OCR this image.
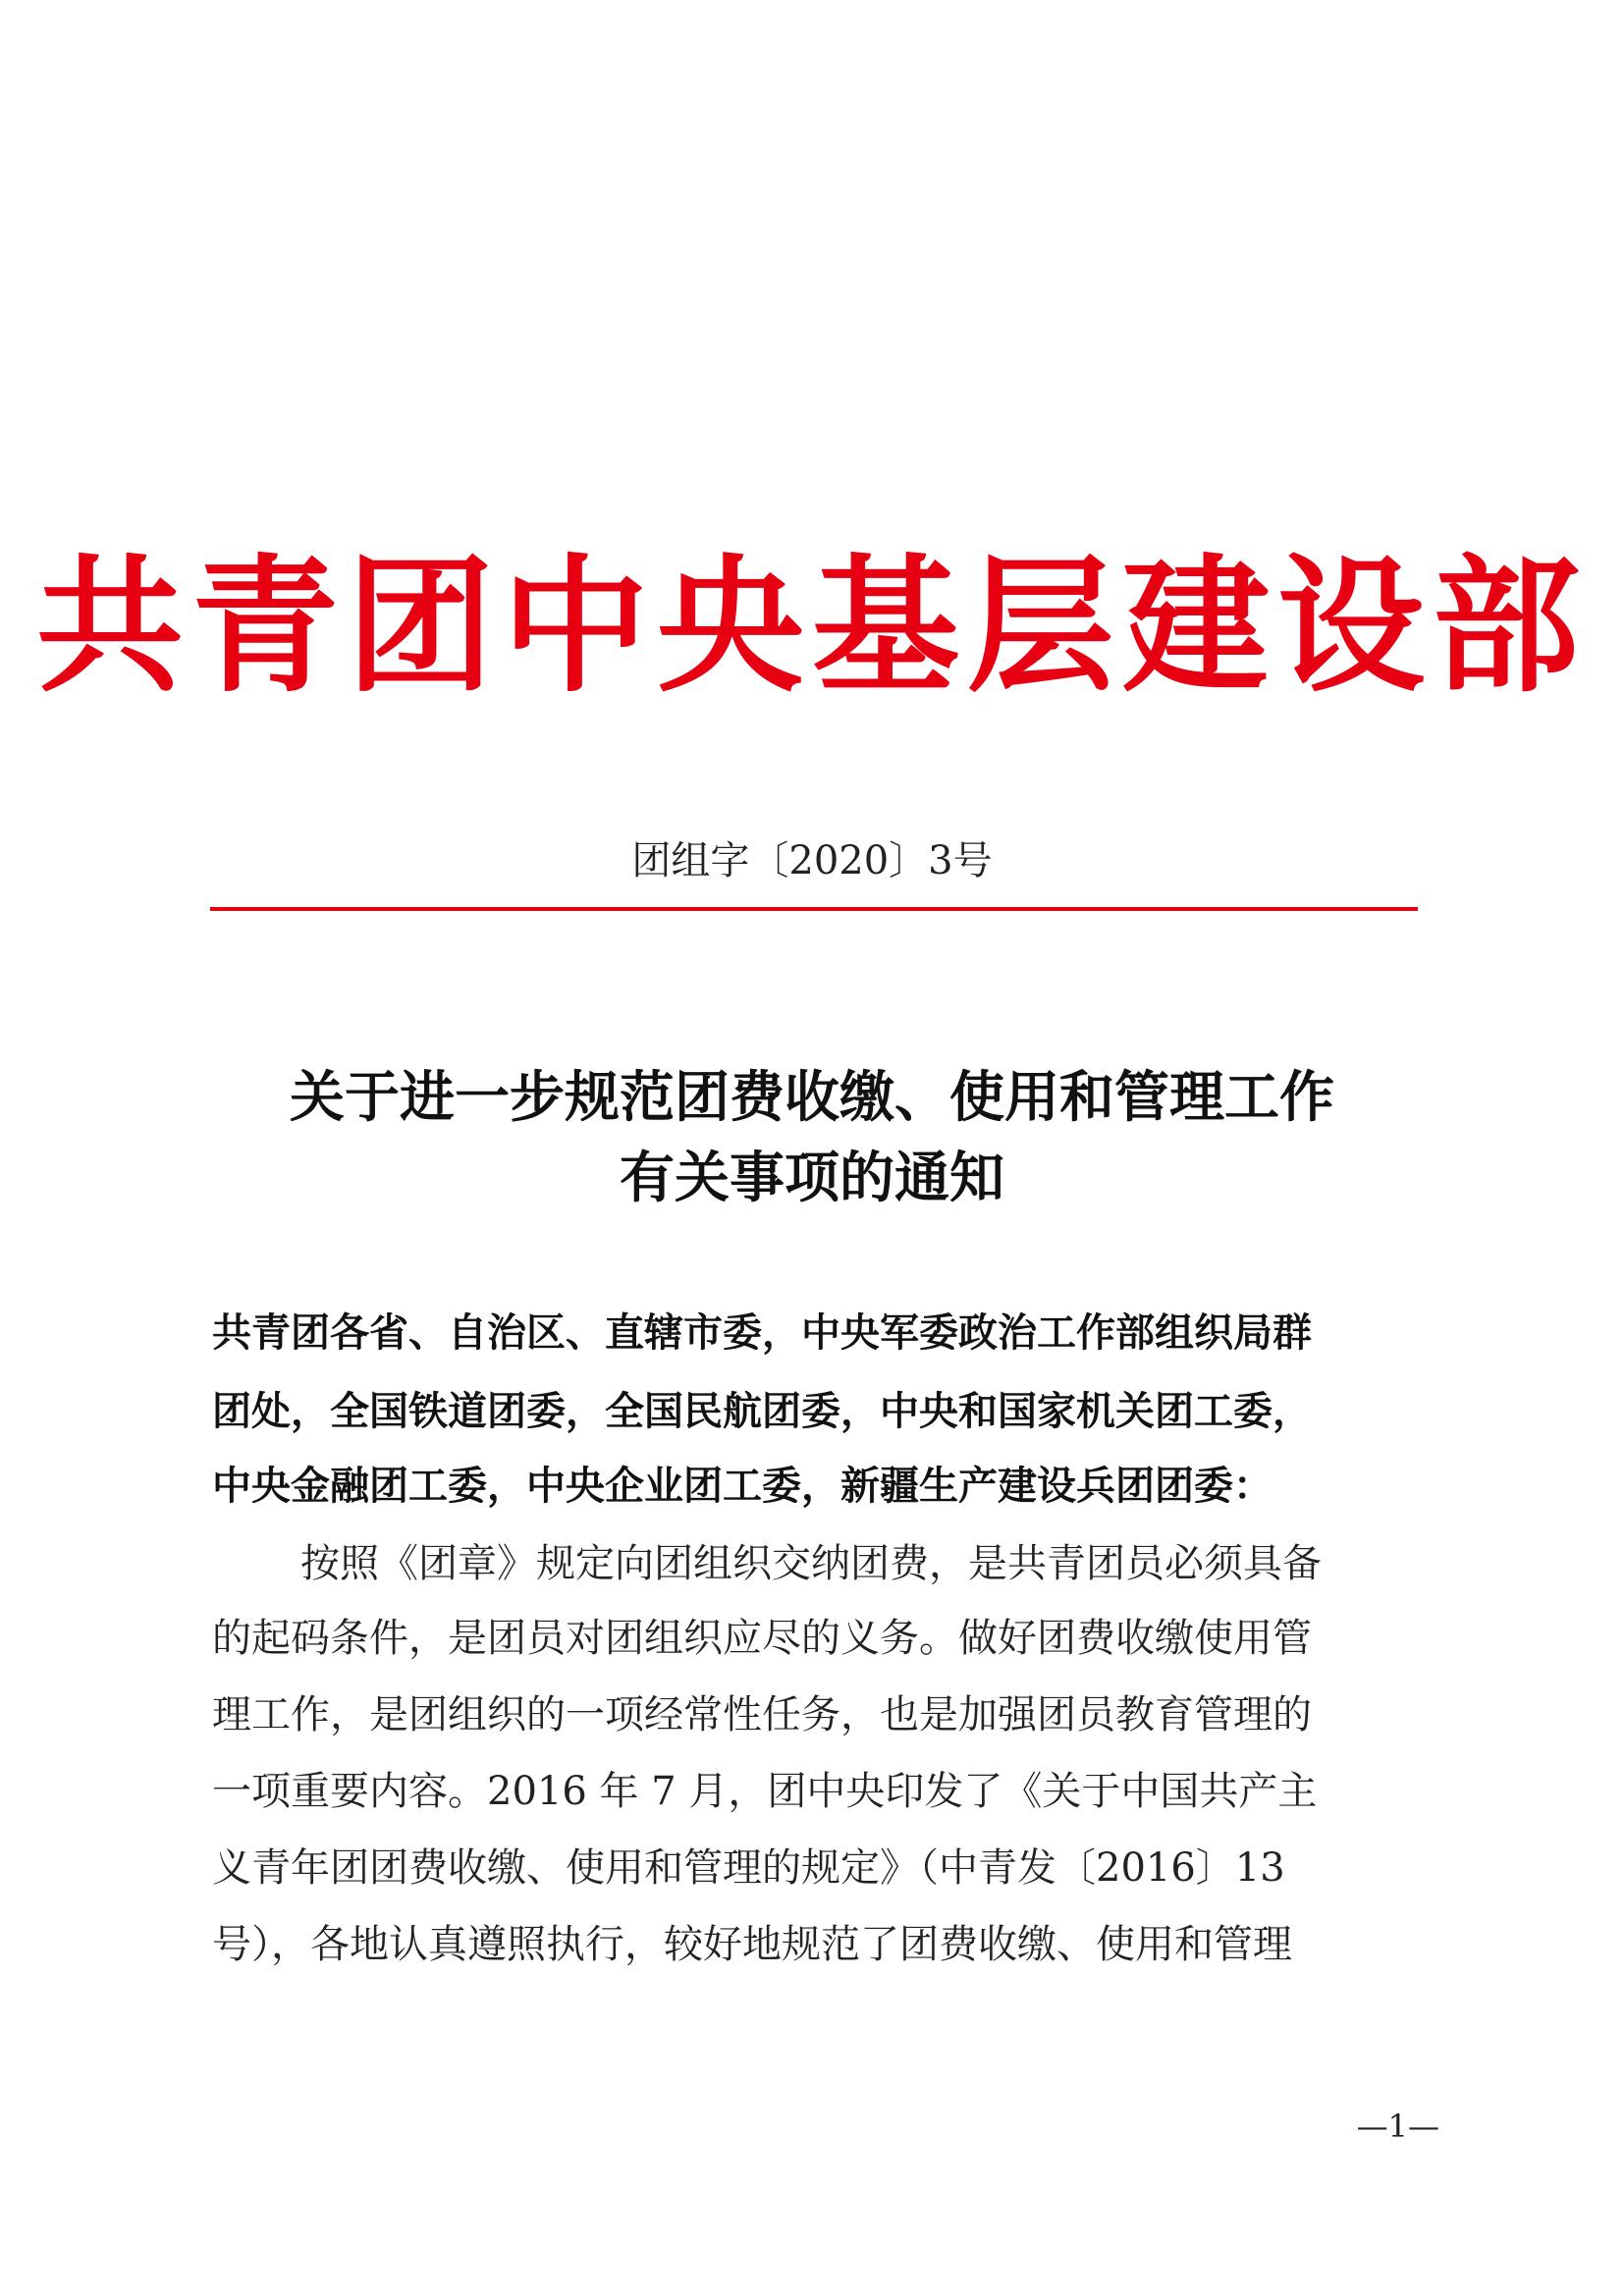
共青团中央基层建设部
团组字〔2020〕3号
关于进一步规范团费收缴、使用和管理工作
有关事项的通知
共青团各省、自治区、直辖市委，中央军委政治工作部组织局群
团处，全国铁道团委，全国民航团委，中央和国家机关团工委，
中央金融团工委，中央企业团工委，新疆生产建设兵团团委：
按照《团章》规定向团组织交纳团费，是共青团员必须具备
的起码条件，是团员对团组织应尽的义务。做好团费收缴使用管
理工作，是团组织的一项经常性任务，也是加强团员教育管理的
一项重要内容。2016 年 7 月，团中央印发了《关于中国共产主
义青年团团费收缴、使用和管理的规定》（中青发〔2016〕13
号），各地认真遵照执行，较好地规范了团费收缴、使用和管理
—1—
